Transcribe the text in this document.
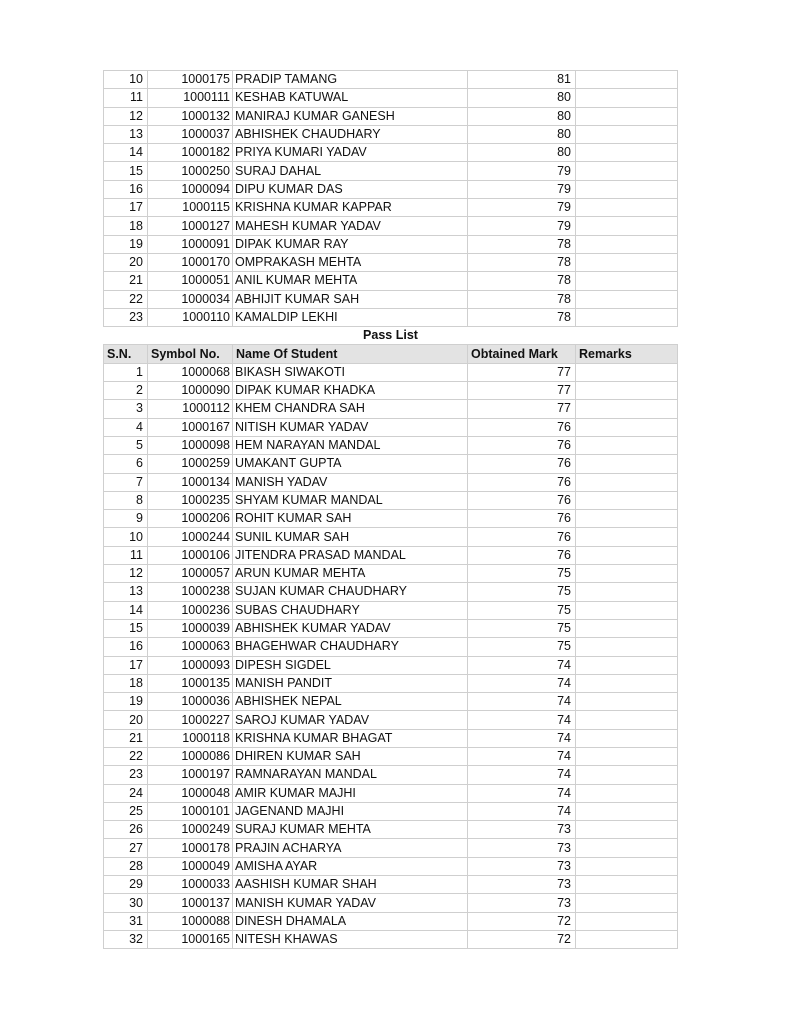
10	1000175	PRADIP TAMANG	81	
11	1000111	KESHAB KATUWAL	80	
12	1000132	MANIRAJ KUMAR GANESH	80	
13	1000037	ABHISHEK CHAUDHARY	80	
14	1000182	PRIYA KUMARI YADAV	80	
15	1000250	SURAJ DAHAL	79	
16	1000094	DIPU KUMAR DAS	79	
17	1000115	KRISHNA KUMAR KAPPAR	79	
18	1000127	MAHESH KUMAR YADAV	79	
19	1000091	DIPAK KUMAR RAY	78	
20	1000170	OMPRAKASH MEHTA	78	
21	1000051	ANIL KUMAR MEHTA	78	
22	1000034	ABHIJIT KUMAR SAH	78	
23	1000110	KAMALDIP LEKHI	78	
Pass List				
S.N.	Symbol No.	Name Of Student	Obtained Mark	Remarks
1	1000068	BIKASH SIWAKOTI	77	
2	1000090	DIPAK KUMAR KHADKA	77	
3	1000112	KHEM CHANDRA SAH	77	
4	1000167	NITISH KUMAR YADAV	76	
5	1000098	HEM NARAYAN MANDAL	76	
6	1000259	UMAKANT GUPTA	76	
7	1000134	MANISH YADAV	76	
8	1000235	SHYAM KUMAR MANDAL	76	
9	1000206	ROHIT KUMAR SAH	76	
10	1000244	SUNIL KUMAR SAH	76	
11	1000106	JITENDRA PRASAD MANDAL	76	
12	1000057	ARUN KUMAR MEHTA	75	
13	1000238	SUJAN KUMAR CHAUDHARY	75	
14	1000236	SUBAS CHAUDHARY	75	
15	1000039	ABHISHEK KUMAR YADAV	75	
16	1000063	BHAGEHWAR CHAUDHARY	75	
17	1000093	DIPESH SIGDEL	74	
18	1000135	MANISH PANDIT	74	
19	1000036	ABHISHEK NEPAL	74	
20	1000227	SAROJ KUMAR YADAV	74	
21	1000118	KRISHNA KUMAR BHAGAT	74	
22	1000086	DHIREN KUMAR SAH	74	
23	1000197	RAMNARAYAN MANDAL	74	
24	1000048	AMIR KUMAR MAJHI	74	
25	1000101	JAGENAND MAJHI	74	
26	1000249	SURAJ KUMAR MEHTA	73	
27	1000178	PRAJIN ACHARYA	73	
28	1000049	AMISHA AYAR	73	
29	1000033	AASHISH KUMAR SHAH	73	
30	1000137	MANISH KUMAR YADAV	73	
31	1000088	DINESH DHAMALA	72	
32	1000165	NITESH KHAWAS	72	
